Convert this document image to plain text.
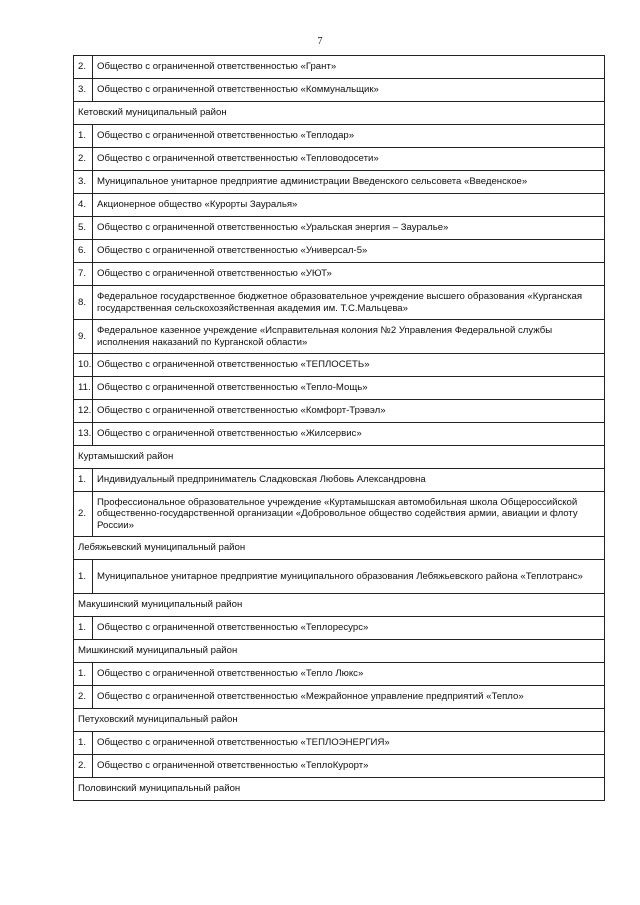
7
2.	Общество с ограниченной ответственностью «Грант»
3.	Общество с ограниченной ответственностью «Коммунальщик»
Кетовский муниципальный район	
1.	Общество с ограниченной ответственностью «Теплодар»
2.	Общество с ограниченной ответственностью «Тепловодосети»
3.	Муниципальное унитарное предприятие администрации Введенского сельсовета «Введенское»
4.	Акционерное общество «Курорты Зауралья»
5.	Общество с ограниченной ответственностью «Уральская энергия – Зауралье»
6.	Общество с ограниченной ответственностью «Универсал-5»
7.	Общество с ограниченной ответственностью «УЮТ»
8.	Федеральное государственное бюджетное образовательное учреждение высшего образования «Курганская государственная сельскохозяйственная академия им. Т.С.Мальцева»
9.	Федеральное казенное учреждение «Исправительная колония №2 Управления Федеральной службы исполнения наказаний по Курганской области»
10.	Общество с ограниченной ответственностью «ТЕПЛОСЕТЬ»
11.	Общество с ограниченной ответственностью «Тепло-Мощь»
12.	Общество с ограниченной ответственностью «Комфорт-Трэвэл»
13.	Общество с ограниченной ответственностью «Жилсервис»
Куртамышский район	
1.	Индивидуальный предприниматель Сладковская Любовь Александровна
2.	Профессиональное образовательное учреждение «Куртамышская автомобильная школа Общероссийской общественно-государственной организации «Добровольное общество содействия армии, авиации и флоту России»
Лебяжьевский муниципальный район	
1.	Муниципальное унитарное предприятие муниципального образования Лебяжьевского района «Теплотранс»
Макушинский муниципальный район	
1.	Общество с ограниченной ответственностью «Теплоресурс»
Мишкинский муниципальный район	
1.	Общество с ограниченной ответственностью «Тепло Люкс»
2.	Общество с ограниченной ответственностью «Межрайонное управление предприятий «Тепло»
Петуховский муниципальный район	
1.	Общество с ограниченной ответственностью «ТЕПЛОЭНЕРГИЯ»
2.	Общество с ограниченной ответственностью «ТеплоКурорт»
Половинский муниципальный район	
